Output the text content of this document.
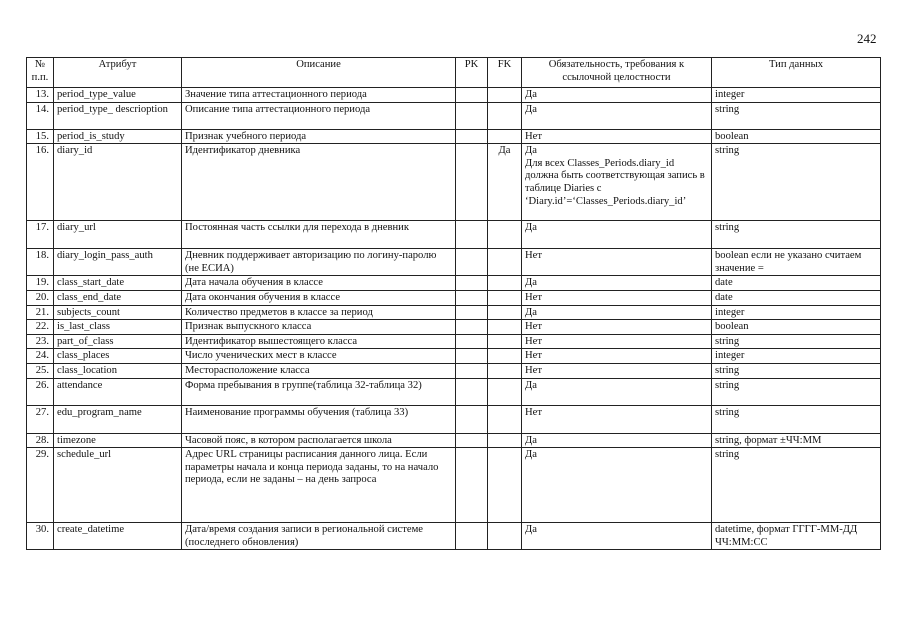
242
№
п.п.	Атрибут	Описание	PK	FK	Обязательность, требования к ссылочной целостности	Тип данных
13.	period_type_value	Значение типа аттестационного периода			Да	integer
14.	period_type_ descrioption	Описание типа аттестационного периода			Да	string
15.	period_is_study	Признак учебного периода			Нет	boolean
16.	diary_id	Идентификатор дневника		Да	Да
Для всех Classes_Periods.diary_id должна быть соответствующая запись в таблице Diaries с ‘Diary.id’=‘Classes_Periods.diary_id’	string
17.	diary_url	Постоянная часть ссылки для перехода в дневник			Да	string
18.	diary_login_pass_auth	Дневник поддерживает авторизацию по логину-паролю (не ЕСИА)			Нет	boolean если не указано считаем значение =
19.	class_start_date	Дата начала обучения в классе			Да	date
20.	class_end_date	Дата окончания обучения в классе			Нет	date
21.	subjects_count	Количество предметов в классе за период			Да	integer
22.	is_last_class	Признак выпускного класса			Нет	boolean
23.	part_of_class	Идентификатор вышестоящего класса			Нет	string
24.	class_places	Число ученических мест в классе			Нет	integer
25.	class_location	Месторасположение класса			Нет	string
26.	attendance	Форма пребывания в группе(таблица 32-таблица 32)			Да	string
27.	edu_program_name	Наименование программы обучения (таблица 33)			Нет	string
28.	timezone	Часовой пояс, в котором располагается школа			Да	string, формат ±ЧЧ:ММ
29.	schedule_url	Адрес URL страницы расписания данного лица. Если параметры начала и конца периода заданы, то на начало периода, если не заданы – на день запроса			Да	string
30.	create_datetime	Дата/время создания записи в региональной системе (последнего обновления)			Да	datetime, формат ГГГГ-ММ-ДД ЧЧ:ММ:СС
